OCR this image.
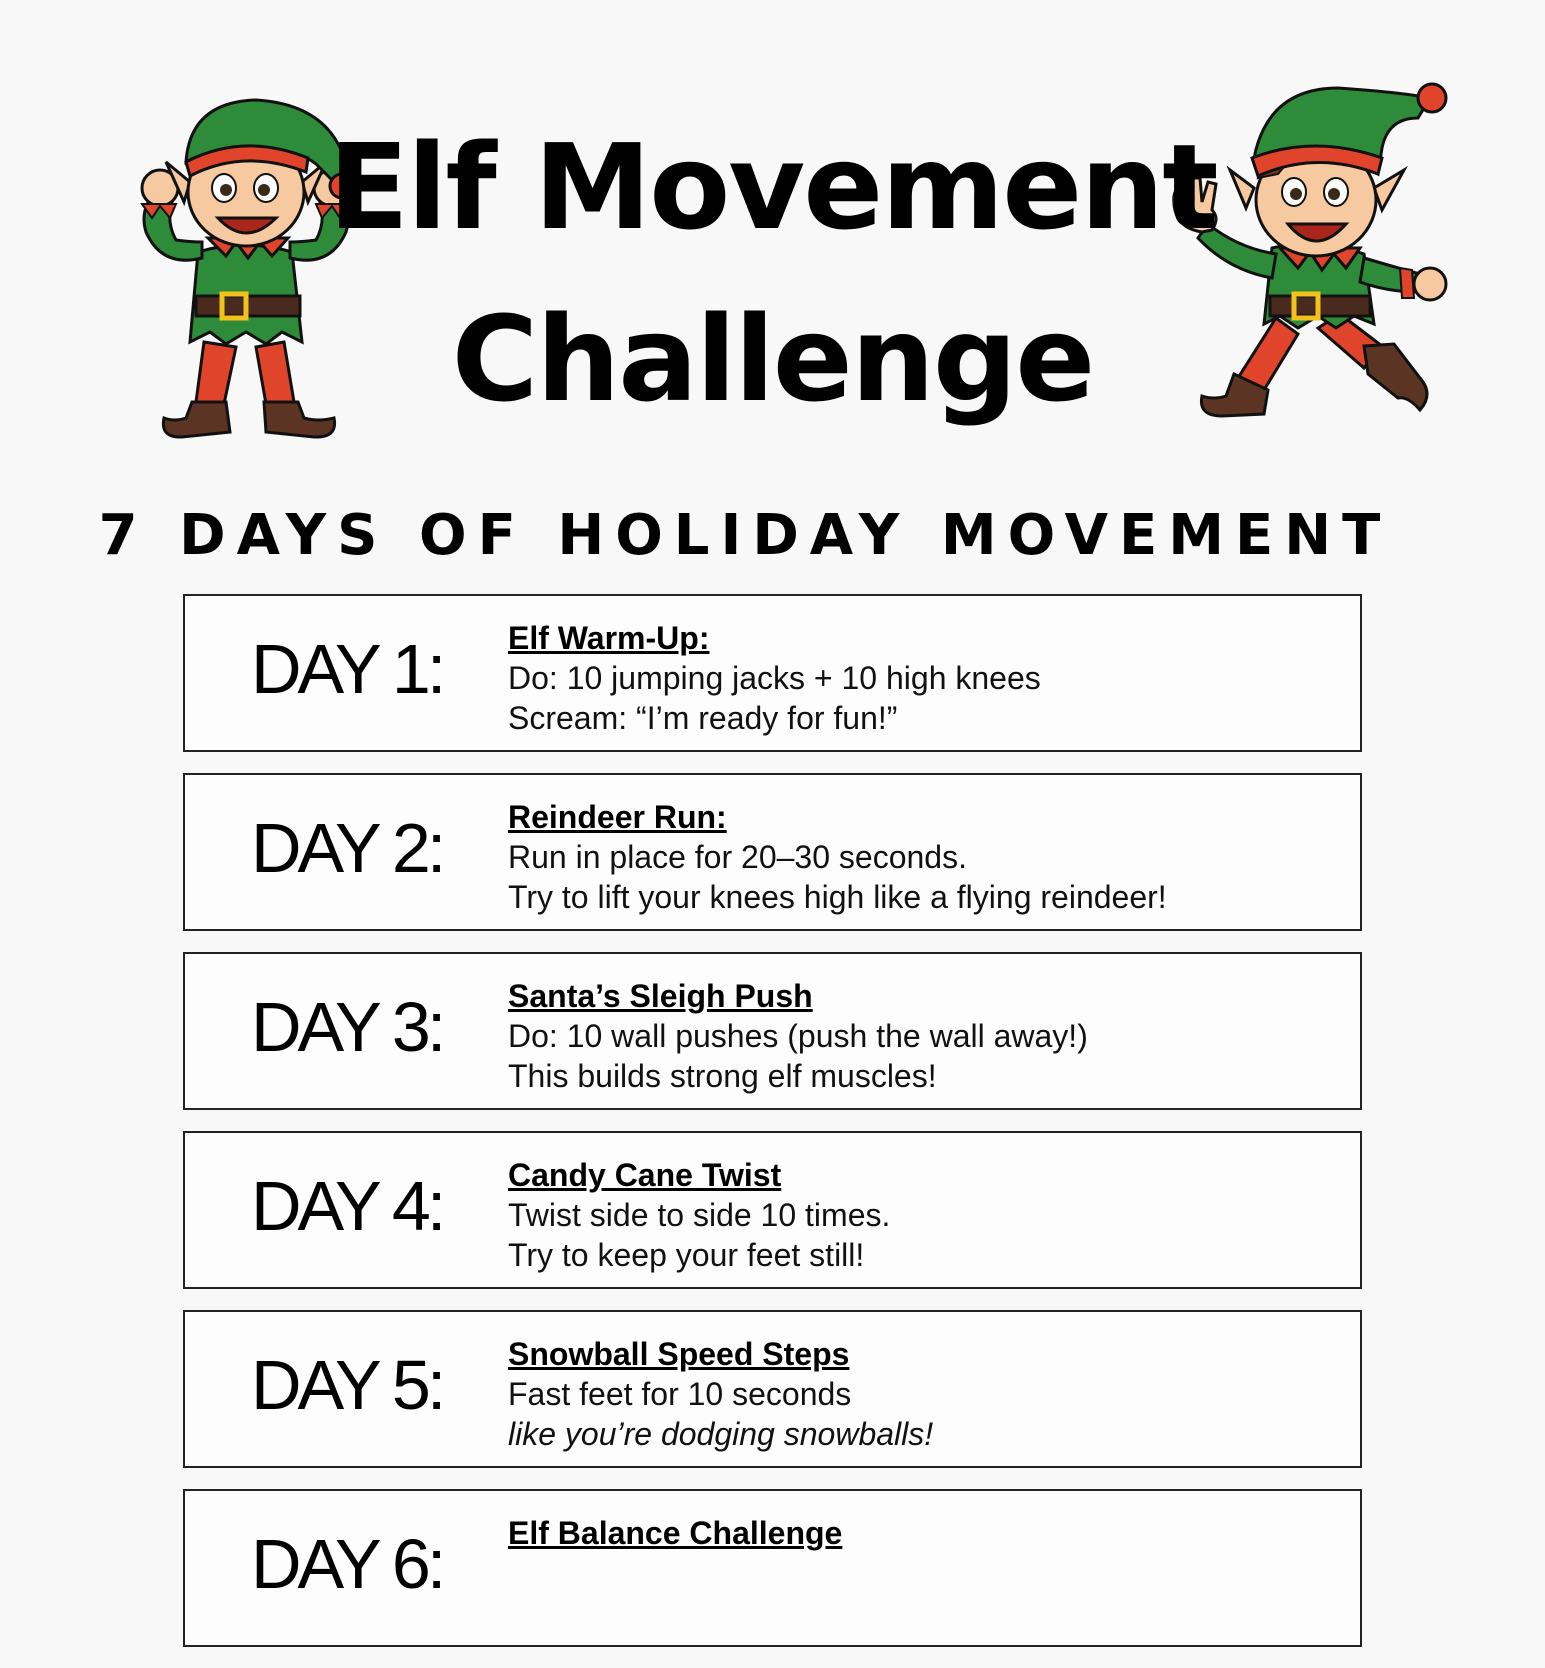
Elf Movement
Challenge
7 DAYS OF HOLIDAY MOVEMENT
DAY 1: Elf Warm-Up:
Do: 10 jumping jacks + 10 high knees
Scream: “I’m ready for fun!”
DAY 2: Reindeer Run:
Run in place for 20–30 seconds.
Try to lift your knees high like a flying reindeer!
DAY 3: Santa’s Sleigh Push
Do: 10 wall pushes (push the wall away!)
This builds strong elf muscles!
DAY 4: Candy Cane Twist
Twist side to side 10 times.
Try to keep your feet still!
DAY 5: Snowball Speed Steps
Fast feet for 10 seconds
like you’re dodging snowballs!
DAY 6: Elf Balance Challenge
